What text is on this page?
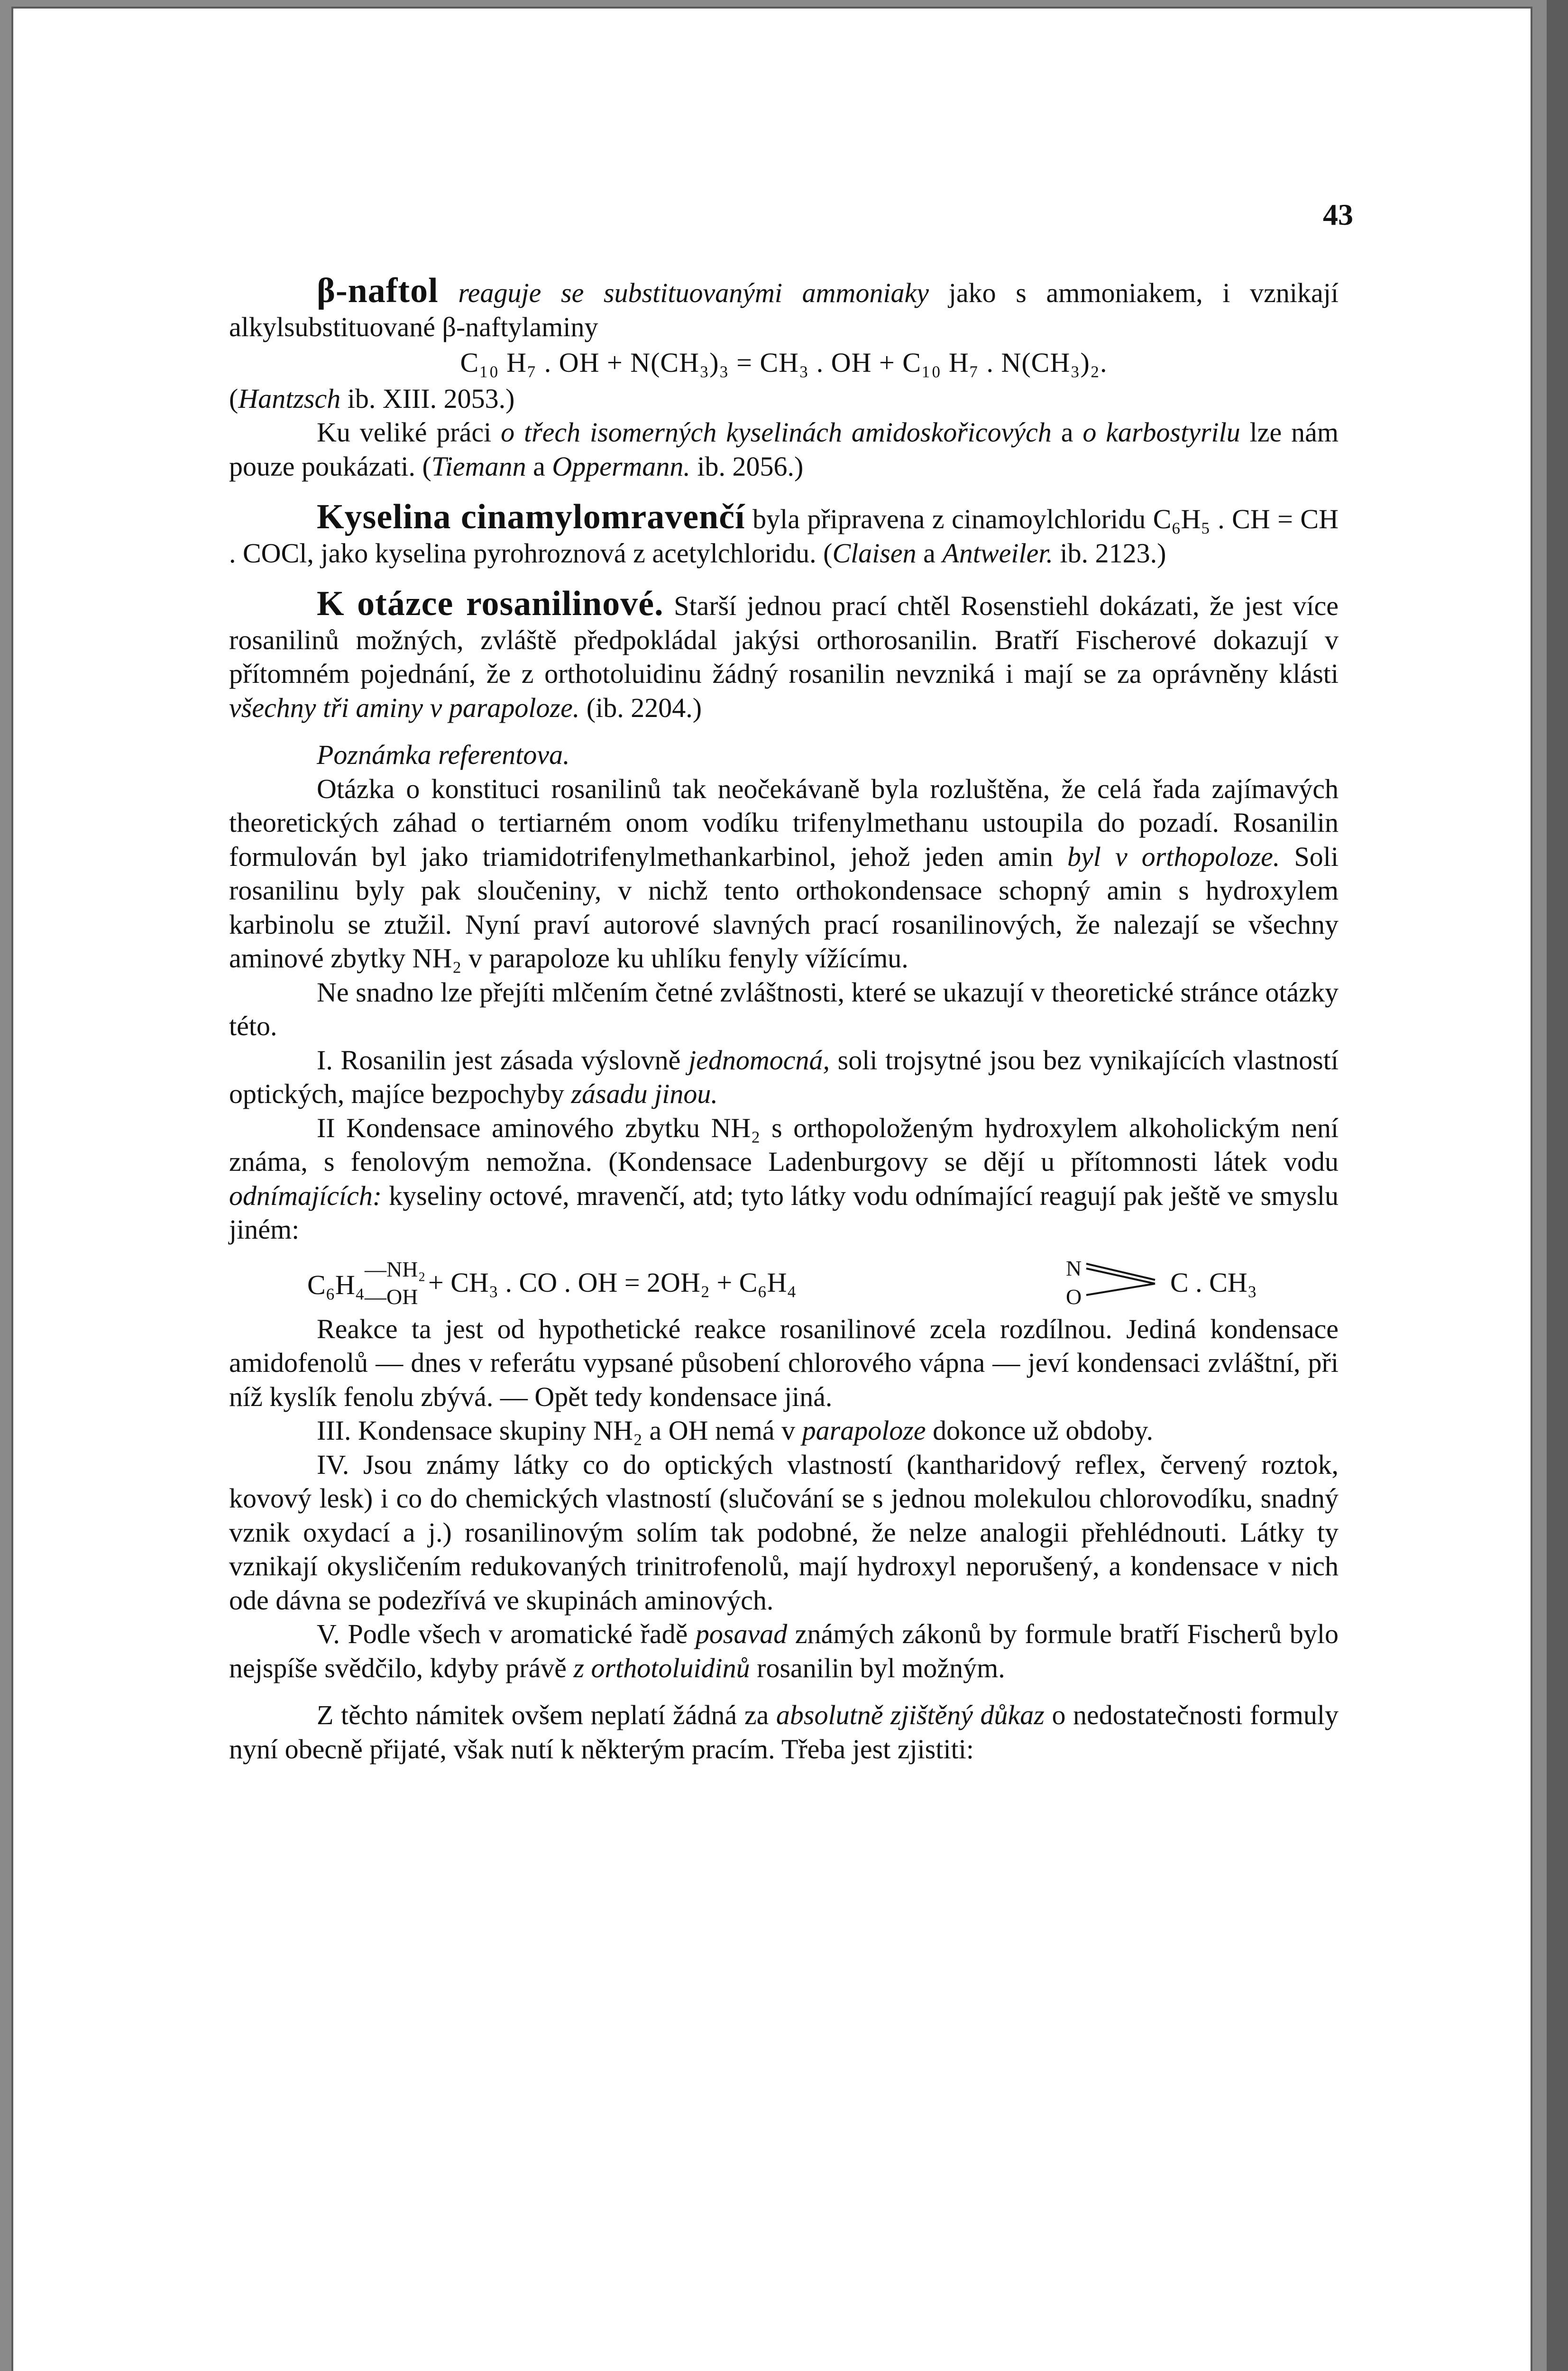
43

β-naftol reaguje se substituovanými ammoniaky jako s ammoniakem, i vznikají alkylsubstituované β-naftylaminy

C₁₀ H₇ . OH + N(CH₃)₃ = CH₃ . OH + C₁₀ H₇ . N(CH₃)₂.

(Hantzsch ib. XIII. 2053.)

Ku veliké práci o třech isomerných kyselinách amidoskořicových a o karbostyrilu lze nám pouze poukázati. (Tiemann a Oppermann. ib. 2056.)

Kyselina cinamylomravenčí byla připravena z cinamoylchloridu C₆H₅ . CH = CH . COCl, jako kyselina pyrohroznová z acetylchloridu. (Claisen a Antweiler. ib. 2123.)

K otázce rosanilinové. Starší jednou prací chtěl Rosenstiehl dokázati, že jest více rosanilinů možných, zvláště předpokládal jakýsi orthorosanilin. Bratří Fischerové dokazují v přítomném pojednání, že z orthotoluidinu žádný rosanilin nevzniká i mají se za oprávněny klásti všechny tři aminy v parapoloze. (ib. 2204.)

Poznámka referentova.

Otázka o konstituci rosanilinů tak neočekávaně byla rozluštěna, že celá řada zajímavých theoretických záhad o tertiarném onom vodíku trifenylmethanu ustoupila do pozadí. Rosanilin formulován byl jako triamidotrifenylmethankarbinol, jehož jeden amin byl v orthopoloze. Soli rosanilinu byly pak sloučeniny, v nichž tento orthokondensace schopný amin s hydroxylem karbinolu se ztužil. Nyní praví autorové slavných prací rosanilinových, že nalezají se všechny aminové zbytky NH₂ v parapoloze ku uhlíku fenyly vížícímu.

Ne snadno lze přejíti mlčením četné zvláštnosti, které se ukazují v theoretické stránce otázky této.

I. Rosanilin jest zásada výslovně jednomocná, soli trojsytné jsou bez vynikajících vlastností optických, majíce bezpochyby zásadu jinou.

II Kondensace aminového zbytku NH₂ s orthopoloženým hydroxylem alkoholickým není známa, s fenolovým nemožna. (Kondensace Ladenburgovy se dějí u přítomnosti látek vodu odnímajících: kyseliny octové, mravenčí, atd; tyto látky vodu odnímající reagují pak ještě ve smyslu jiném:

C₆H₄
—NH₂
—OH + CH₃ . CO . OH = 2OH₂ + C₆H₄	N
O	C . CH₃

Reakce ta jest od hypothetické reakce rosanilinové zcela rozdílnou. Jediná kondensace amidofenolů — dnes v referátu vypsané působení chlorového vápna — jeví kondensaci zvláštní, při níž kyslík fenolu zbývá. — Opět tedy kondensace jiná.

III. Kondensace skupiny NH₂ a OH nemá v parapoloze dokonce už obdoby.

IV. Jsou známy látky co do optických vlastností (kantharidový reflex, červený roztok, kovový lesk) i co do chemických vlastností (slučování se s jednou molekulou chlorovodíku, snadný vznik oxydací a j.) rosanilinovým solím tak podobné, že nelze analogii přehlédnouti. Látky ty vznikají okysličením redukovaných trinitrofenolů, mají hydroxyl neporušený, a kondensace v nich ode dávna se podezřívá ve skupinách aminových.

V. Podle všech v aromatické řadě posavad známých zákonů by formule bratří Fischerů bylo nejspíše svědčilo, kdyby právě z orthotoluidinů rosanilin byl možným.

Z těchto námitek ovšem neplatí žádná za absolutně zjištěný důkaz o nedostatečnosti formuly nyní obecně přijaté, však nutí k některým pracím. Třeba jest zjistiti:
